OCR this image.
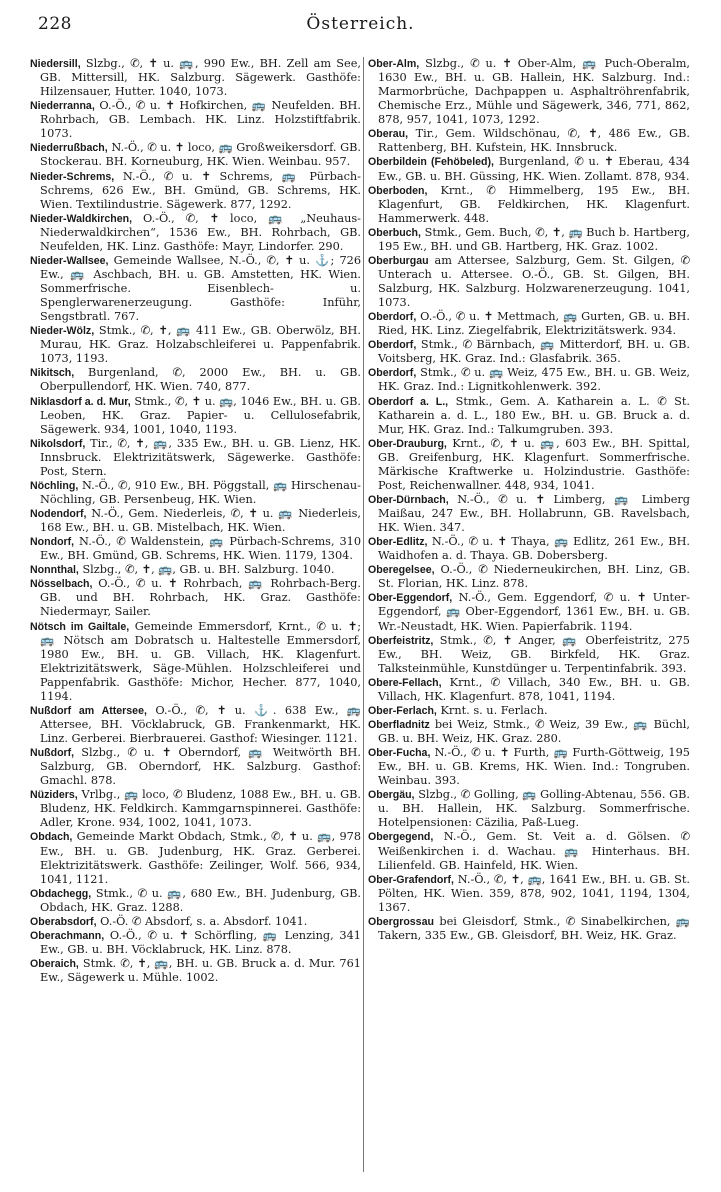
228	Österreich.

Niedersill, Slzbg., ✆, ✝ u. 🚌, 990 Ew., BH. Zell am See, GB. Mittersill, HK. Salzburg. Sägewerk. Gasthöfe: Hilzensauer, Hutter. 1040, 1073.

Niederranna, O.-Ö., ✆ u. ✝ Hofkirchen, 🚌 Neufelden. BH. Rohrbach, GB. Lembach. HK. Linz. Holzstiftfabrik. 1073.

Niederrußbach, N.-Ö., ✆ u. ✝ loco, 🚌 Großweikersdorf. GB. Stockerau. BH. Korneuburg, HK. Wien. Weinbau. 957.

Nieder-Schrems, N.-Ö., ✆ u. ✝ Schrems, 🚌 Pürbach-Schrems, 626 Ew., BH. Gmünd, GB. Schrems, HK. Wien. Textilindustrie. Sägewerk. 877, 1292.

Nieder-Waldkirchen, O.-Ö., ✆, ✝ loco, 🚌 „Neuhaus-Niederwaldkirchen“, 1536 Ew., BH. Rohrbach, GB. Neufelden, HK. Linz. Gasthöfe: Mayr, Lindorfer. 290.

Nieder-Wallsee, Gemeinde Wallsee, N.-Ö., ✆, ✝ u. ⚓; 726 Ew., 🚌 Aschbach, BH. u. GB. Amstetten, HK. Wien. Sommerfrische. Eisenblech- u. Spenglerwarenerzeugung. Gasthöfe: Inführ, Sengstbratl. 767.

Nieder-Wölz, Stmk., ✆, ✝, 🚌 411 Ew., GB. Oberwölz, BH. Murau, HK. Graz. Holzabschleiferei u. Pappenfabrik. 1073, 1193.

Nikitsch, Burgenland, ✆, 2000 Ew., BH. u. GB. Oberpullendorf, HK. Wien. 740, 877.

Niklasdorf a. d. Mur, Stmk., ✆, ✝ u. 🚌, 1046 Ew., BH. u. GB. Leoben, HK. Graz. Papier- u. Cellulosefabrik, Sägewerk. 934, 1001, 1040, 1193.

Nikolsdorf, Tir., ✆, ✝, 🚌, 335 Ew., BH. u. GB. Lienz, HK. Innsbruck. Elektrizitätswerk, Sägewerke. Gasthöfe: Post, Stern.

Nöchling, N.-Ö., ✆, 910 Ew., BH. Pöggstall, 🚌 Hirschenau-Nöchling, GB. Persenbeug, HK. Wien.

Nodendorf, N.-Ö., Gem. Niederleis, ✆, ✝ u. 🚌 Niederleis, 168 Ew., BH. u. GB. Mistelbach, HK. Wien.

Nondorf, N.-Ö., ✆ Waldenstein, 🚌 Pürbach-Schrems, 310 Ew., BH. Gmünd, GB. Schrems, HK. Wien. 1179, 1304.

Nonnthal, Slzbg., ✆, ✝, 🚌, GB. u. BH. Salzburg. 1040.

Nösselbach, O.-Ö., ✆ u. ✝ Rohrbach, 🚌 Rohrbach-Berg. GB. und BH. Rohrbach, HK. Graz. Gasthöfe: Niedermayr, Sailer.

Nötsch im Gailtale, Gemeinde Emmersdorf, Krnt., ✆ u. ✝; 🚌 Nötsch am Dobratsch u. Haltestelle Emmersdorf, 1980 Ew., BH. u. GB. Villach, HK. Klagenfurt. Elektrizitätswerk, Säge-Mühlen. Holzschleiferei und Pappenfabrik. Gasthöfe: Michor, Hecher. 877, 1040, 1194.

Nußdorf am Attersee, O.-Ö., ✆, ✝ u. ⚓. 638 Ew., 🚌 Attersee, BH. Vöcklabruck, GB. Frankenmarkt, HK. Linz. Gerberei. Bierbrauerei. Gasthof: Wiesinger. 1121.

Nußdorf, Slzbg., ✆ u. ✝ Oberndorf, 🚌 Weitwörth BH. Salzburg, GB. Oberndorf, HK. Salzburg. Gasthof: Gmachl. 878.

Nüziders, Vrlbg., 🚌 loco, ✆ Bludenz, 1088 Ew., BH. u. GB. Bludenz, HK. Feldkirch. Kammgarnspinnerei. Gasthöfe: Adler, Krone. 934, 1002, 1041, 1073.

Obdach, Gemeinde Markt Obdach, Stmk., ✆, ✝ u. 🚌, 978 Ew., BH. u. GB. Judenburg, HK. Graz. Gerberei. Elektrizitätswerk. Gasthöfe: Zeilinger, Wolf. 566, 934, 1041, 1121.

Obdachegg, Stmk., ✆ u. 🚌, 680 Ew., BH. Judenburg, GB. Obdach, HK. Graz. 1288.

Oberabsdorf, O.-Ö. ✆ Absdorf, s. a. Absdorf. 1041.

Oberachmann, O.-Ö., ✆ u. ✝ Schörfling, 🚌 Lenzing, 341 Ew., GB. u. BH. Vöcklabruck, HK. Linz. 878.

Oberaich, Stmk. ✆, ✝, 🚌, BH. u. GB. Bruck a. d. Mur. 761 Ew., Sägewerk u. Mühle. 1002.

Ober-Alm, Slzbg., ✆ u. ✝ Ober-Alm, 🚌 Puch-Oberalm, 1630 Ew., BH. u. GB. Hallein, HK. Salzburg. Ind.: Marmorbrüche, Dachpappen u. Asphaltröhrenfabrik, Chemische Erz., Mühle und Sägewerk, 346, 771, 862, 878, 957, 1041, 1073, 1292.

Oberau, Tir., Gem. Wildschönau, ✆, ✝, 486 Ew., GB. Rattenberg, BH. Kufstein, HK. Innsbruck.

Oberbildein (Fehöbeled), Burgenland, ✆ u. ✝ Eberau, 434 Ew., GB. u. BH. Güssing, HK. Wien. Zollamt. 878, 934.

Oberboden, Krnt., ✆ Himmelberg, 195 Ew., BH. Klagenfurt, GB. Feldkirchen, HK. Klagenfurt. Hammerwerk. 448.

Oberbuch, Stmk., Gem. Buch, ✆, ✝, 🚌 Buch b. Hartberg, 195 Ew., BH. und GB. Hartberg, HK. Graz. 1002.

Oberburgau am Attersee, Salzburg, Gem. St. Gilgen, ✆ Unterach u. Attersee. O.-Ö., GB. St. Gilgen, BH. Salzburg, HK. Salzburg. Holzwarenerzeugung. 1041, 1073.

Oberdorf, O.-Ö., ✆ u. ✝ Mettmach, 🚌 Gurten, GB. u. BH. Ried, HK. Linz. Ziegelfabrik, Elektrizitätswerk. 934.

Oberdorf, Stmk., ✆ Bärnbach, 🚌 Mitterdorf, BH. u. GB. Voitsberg, HK. Graz. Ind.: Glasfabrik. 365.

Oberdorf, Stmk., ✆ u. 🚌 Weiz, 475 Ew., BH. u. GB. Weiz, HK. Graz. Ind.: Lignitkohlenwerk. 392.

Oberdorf a. L., Stmk., Gem. A. Katharein a. L. ✆ St. Katharein a. d. L., 180 Ew., BH. u. GB. Bruck a. d. Mur, HK. Graz. Ind.: Talkumgruben. 393.

Ober-Drauburg, Krnt., ✆, ✝ u. 🚌, 603 Ew., BH. Spittal, GB. Greifenburg, HK. Klagenfurt. Sommerfrische. Märkische Kraftwerke u. Holzindustrie. Gasthöfe: Post, Reichenwallner. 448, 934, 1041.

Ober-Dürnbach, N.-Ö., ✆ u. ✝ Limberg, 🚌 Limberg Maißau, 247 Ew., BH. Hollabrunn, GB. Ravelsbach, HK. Wien. 347.

Ober-Edlitz, N.-Ö., ✆ u. ✝ Thaya, 🚌 Edlitz, 261 Ew., BH. Waidhofen a. d. Thaya. GB. Dobersberg.

Oberegelsee, O.-Ö., ✆ Niederneukirchen, BH. Linz, GB. St. Florian, HK. Linz. 878.

Ober-Eggendorf, N.-Ö., Gem. Eggendorf, ✆ u. ✝ Unter-Eggendorf, 🚌 Ober-Eggendorf, 1361 Ew., BH. u. GB. Wr.-Neustadt, HK. Wien. Papierfabrik. 1194.

Oberfeistritz, Stmk., ✆, ✝ Anger, 🚌 Oberfeistritz, 275 Ew., BH. Weiz, GB. Birkfeld, HK. Graz. Talksteinmühle, Kunstdünger u. Terpentinfabrik. 393.

Obere-Fellach, Krnt., ✆ Villach, 340 Ew., BH. u. GB. Villach, HK. Klagenfurt. 878, 1041, 1194.

Ober-Ferlach, Krnt. s. u. Ferlach.

Oberfladnitz bei Weiz, Stmk., ✆ Weiz, 39 Ew., 🚌 Büchl, GB. u. BH. Weiz, HK. Graz. 280.

Ober-Fucha, N.-Ö., ✆ u. ✝ Furth, 🚌 Furth-Göttweig, 195 Ew., BH. u. GB. Krems, HK. Wien. Ind.: Tongruben. Weinbau. 393.

Obergäu, Slzbg., ✆ Golling, 🚌 Golling-Abtenau, 556. GB. u. BH. Hallein, HK. Salzburg. Sommerfrische. Hotelpensionen: Cäzilia, Paß-Lueg.

Obergegend, N.-Ö., Gem. St. Veit a. d. Gölsen. ✆ Weißenkirchen i. d. Wachau. 🚌 Hinterhaus. BH. Lilienfeld. GB. Hainfeld, HK. Wien.

Ober-Grafendorf, N.-Ö., ✆, ✝, 🚌, 1641 Ew., BH. u. GB. St. Pölten, HK. Wien. 359, 878, 902, 1041, 1194, 1304, 1367.

Obergrossau bei Gleisdorf, Stmk., ✆ Sinabelkirchen, 🚌 Takern, 335 Ew., GB. Gleisdorf, BH. Weiz, HK. Graz.
